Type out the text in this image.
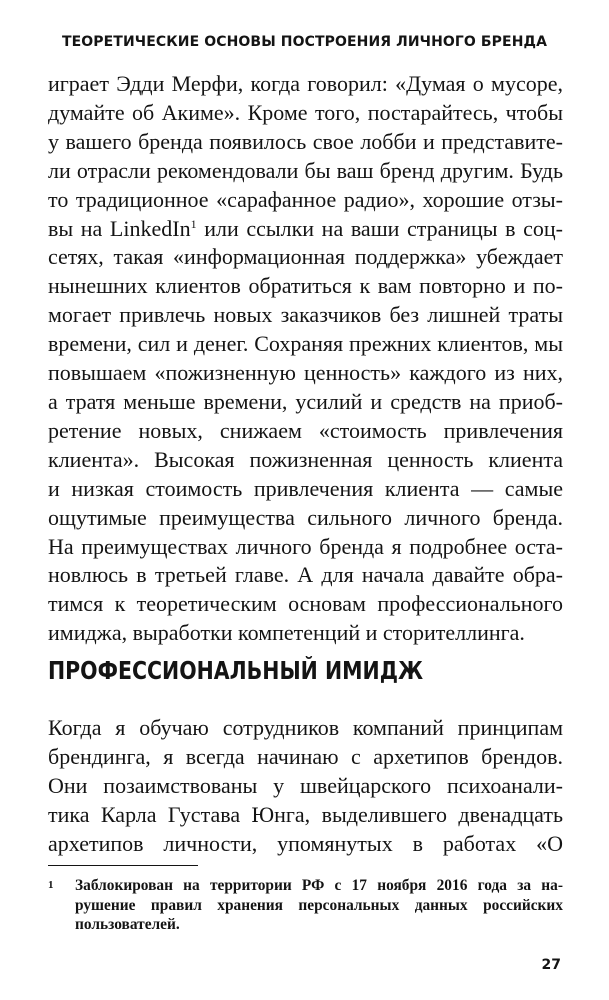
ТЕОРЕТИЧЕСКИЕ ОСНОВЫ ПОСТРОЕНИЯ ЛИЧНОГО БРЕНДА
играет Эдди Мерфи, когда говорил: «Думая о мусоре,
думайте об Акиме». Кроме того, постарайтесь, чтобы
у вашего бренда появилось свое лобби и представите-
ли отрасли рекомендовали бы ваш бренд другим. Будь
то традиционное «сарафанное радио», хорошие отзы-
вы на LinkedIn$^1$ или ссылки на ваши страницы в соц-
сетях, такая «информационная поддержка» убеждает
нынешних клиентов обратиться к вам повторно и по-
могает привлечь новых заказчиков без лишней траты
времени, сил и денег. Сохраняя прежних клиентов, мы
повышаем «пожизненную ценность» каждого из них,
а тратя меньше времени, усилий и средств на приоб-
ретение новых, снижаем «стоимость привлечения
клиента». Высокая пожизненная ценность клиента
и низкая стоимость привлечения клиента — самые
ощутимые преимущества сильного личного бренда.
На преимуществах личного бренда я подробнее оста-
новлюсь в третьей главе. А для начала давайте обра-
тимся к теоретическим основам профессионального
имиджа, выработки компетенций и сторителлинга.
ПРОФЕССИОНАЛЬНЫЙ ИМИДЖ
Когда я обучаю сотрудников компаний принципам
брендинга, я всегда начинаю с архетипов брендов.
Они позаимствованы у швейцарского психоанали-
тика Карла Густава Юнга, выделившего двенадцать
архетипов личности, упомянутых в работах «О
1 Заблокирован на территории РФ с 17 ноября 2016 года за на-
рушение правил хранения персональных данных российских
пользователей.
27
